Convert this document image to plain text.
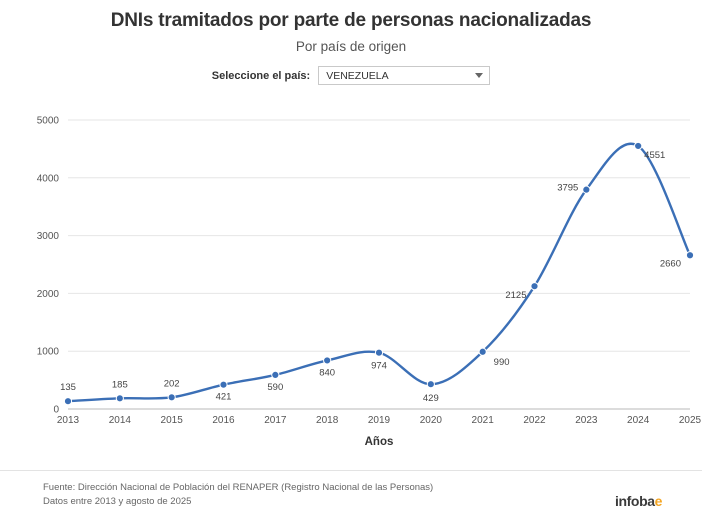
DNIs tramitados por parte de personas nacionalizadas
Por país de origen
Seleccione el país: VENEZUELA
0
1000
2000
3000
4000
5000
2013	2014	2015	2016	2017	2018	2019	2020	2021	2022	2023	2024	2025
Años
135	185	202
421
590
840
974
429
990
2125
3795
4551
2660
Fuente: Dirección Nacional de Población del RENAPER (Registro Nacional de las Personas)
Datos entre 2013 y agosto de 2025	infobae
